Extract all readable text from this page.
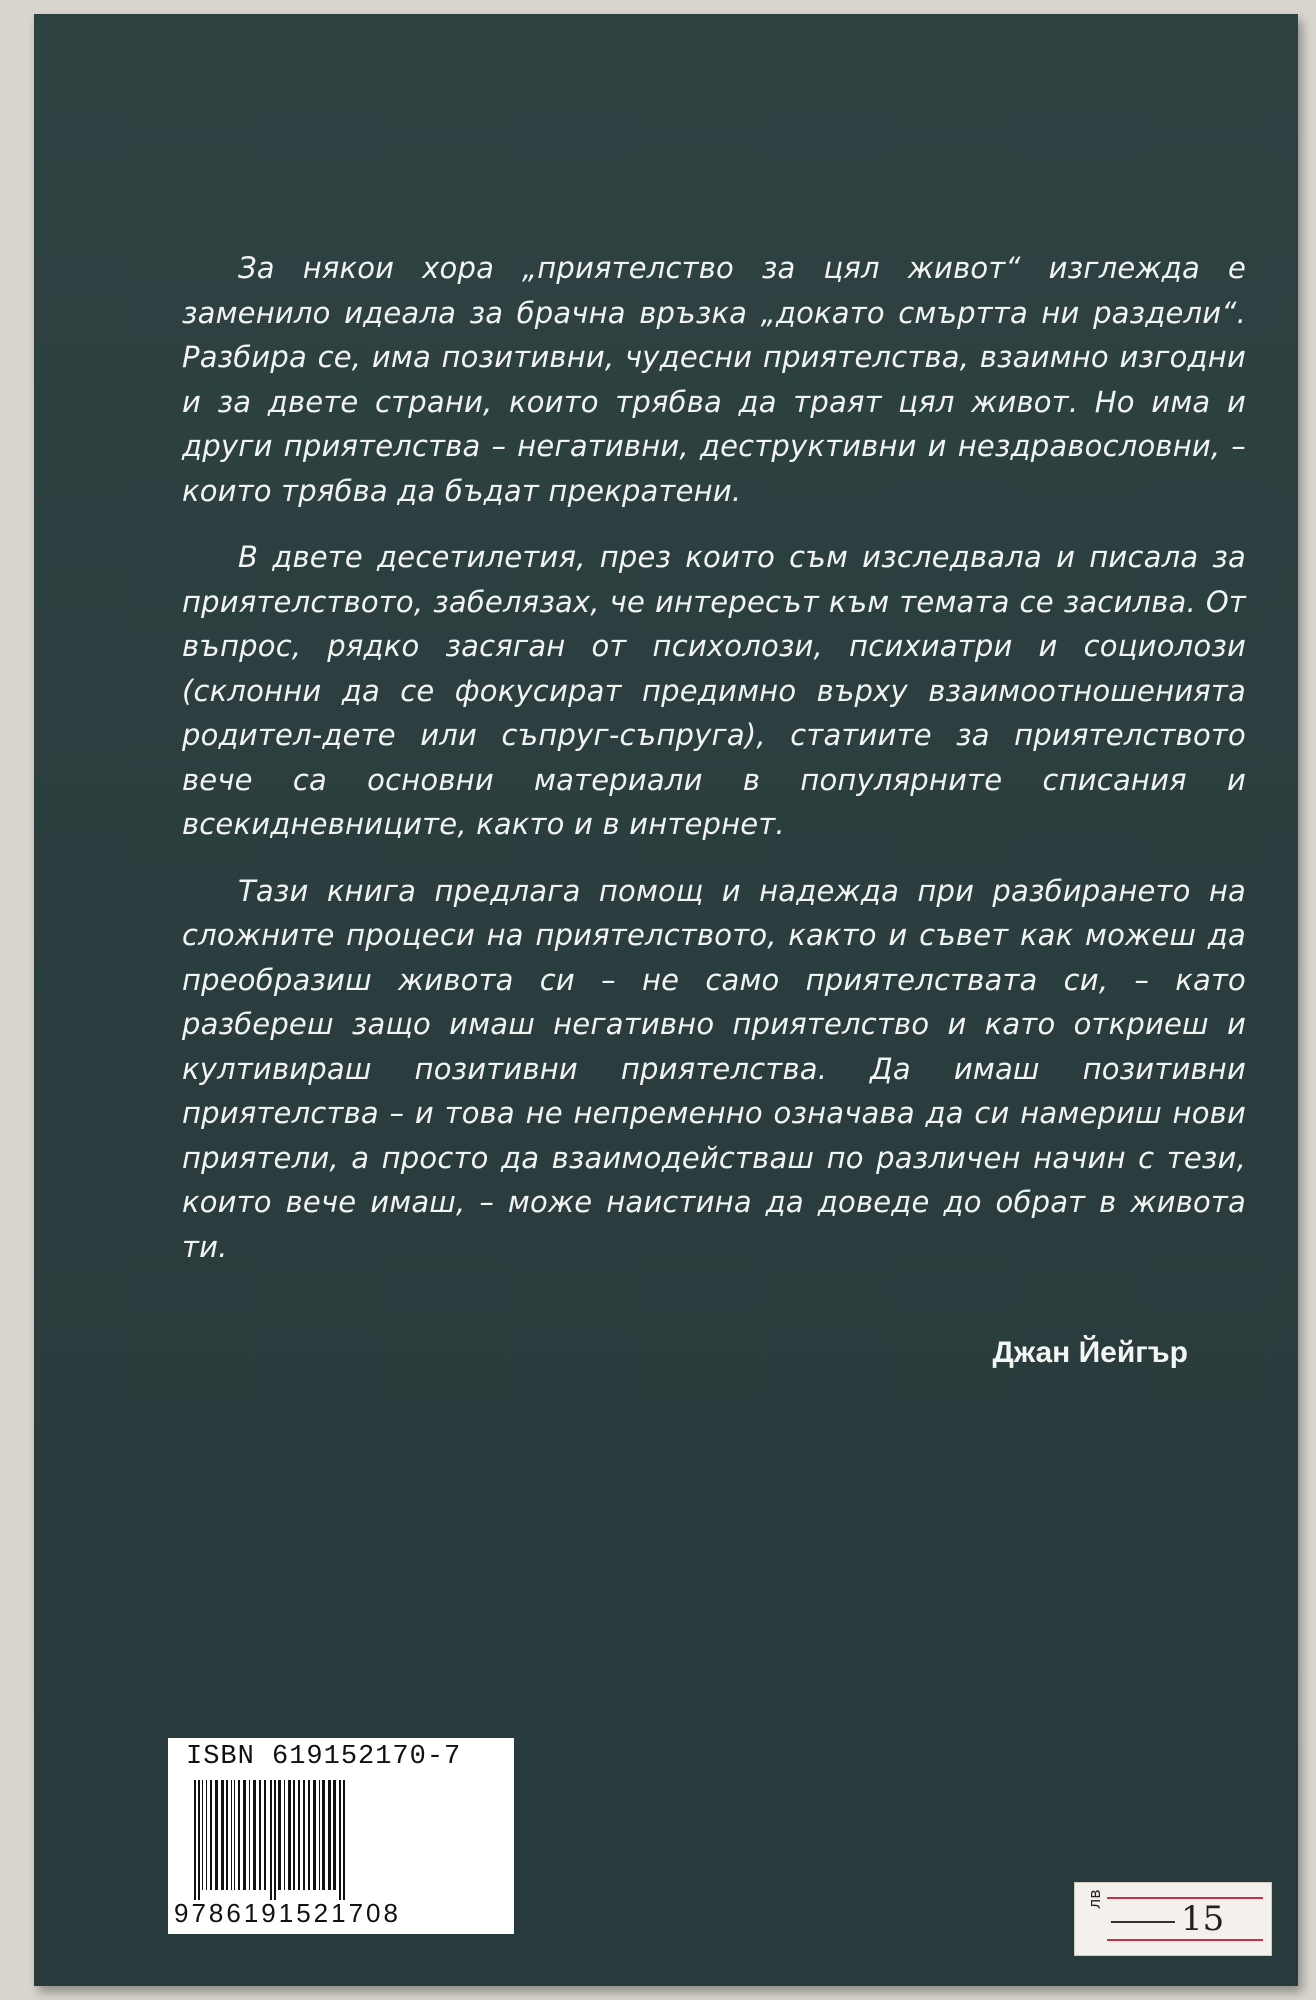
За някои хора „приятелство за цял живот“ изглежда е заменило идеала за брачна връзка „докато смъртта ни раздели“. Разбира се, има позитивни, чудесни приятелства, взаимно изгодни и за двете страни, които трябва да траят цял живот. Но има и други приятелства – негативни, деструктивни и нездравословни, – които трябва да бъдат прекратени.

В двете десетилетия, през които съм изследвала и писала за приятелството, забелязах, че интересът към темата се засилва. От въпрос, рядко засяган от психолози, психиатри и социолози (склонни да се фокусират предимно върху взаимоотношенията родител-дете или съпруг-съпруга), статиите за приятелството вече са основни материали в популярните списания и всекидневниците, както и в интернет.

Тази книга предлага помощ и надежда при разбирането на сложните процеси на приятелството, както и съвет как можеш да преобразиш живота си – не само приятелствата си, – като разбереш защо имаш негативно приятелство и като откриеш и култивираш позитивни приятелства. Да имаш позитивни приятелства – и това не непременно означава да си намериш нови приятели, а просто да взаимодействаш по различен начин с тези, които вече имаш, – може наистина да доведе до обрат в живота ти.

Джан Йейгър
ISBN 619152170-7
9786191521708	лв 15
